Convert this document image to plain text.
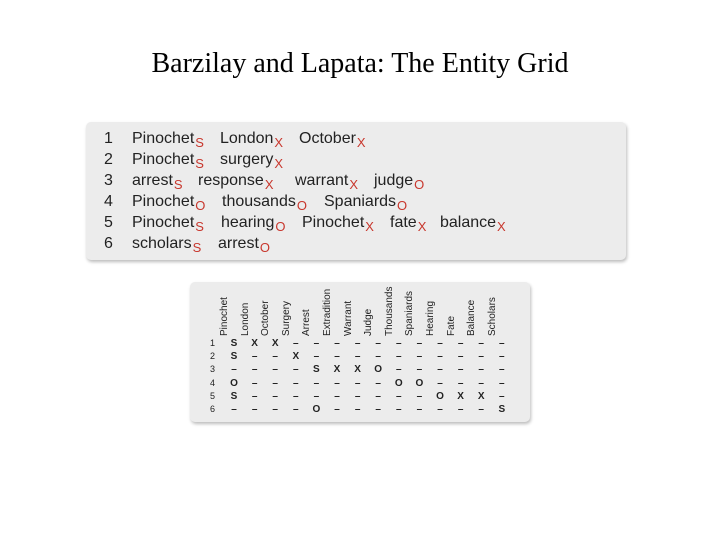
Barzilay and Lapata: The Entity Grid
1 Pinochet$_S$ London$_X$ October$_X$
2 Pinochet$_S$ surgery$_X$
3 arrest$_S$ response$_X$ warrant$_X$ judge$_O$
4 Pinochet$_O$ thousands$_O$ Spaniards$_O$
5 Pinochet$_S$ hearing$_O$ Pinochet$_X$ fate$_X$ balance$_X$
6 scholars$_S$ arrest$_O$
Pinochet London October Surgery Arrest Extradition Warrant Judge Thousands Spaniards Hearing Fate Balance Scholars
1	S	X	X	–	–	–	–	–	–	–	–	–	–	–
2	S	–	–	X	–	–	–	–	–	–	–	–	–	–
3	–	–	–	–	S	X	X	O	–	–	–	–	–	–
4	O	–	–	–	–	–	–	–	O	O	–	–	–	–
5	S	–	–	–	–	–	–	–	–	–	O	X	X	–
6	–	–	–	–	O	–	–	–	–	–	–	–	–	S
